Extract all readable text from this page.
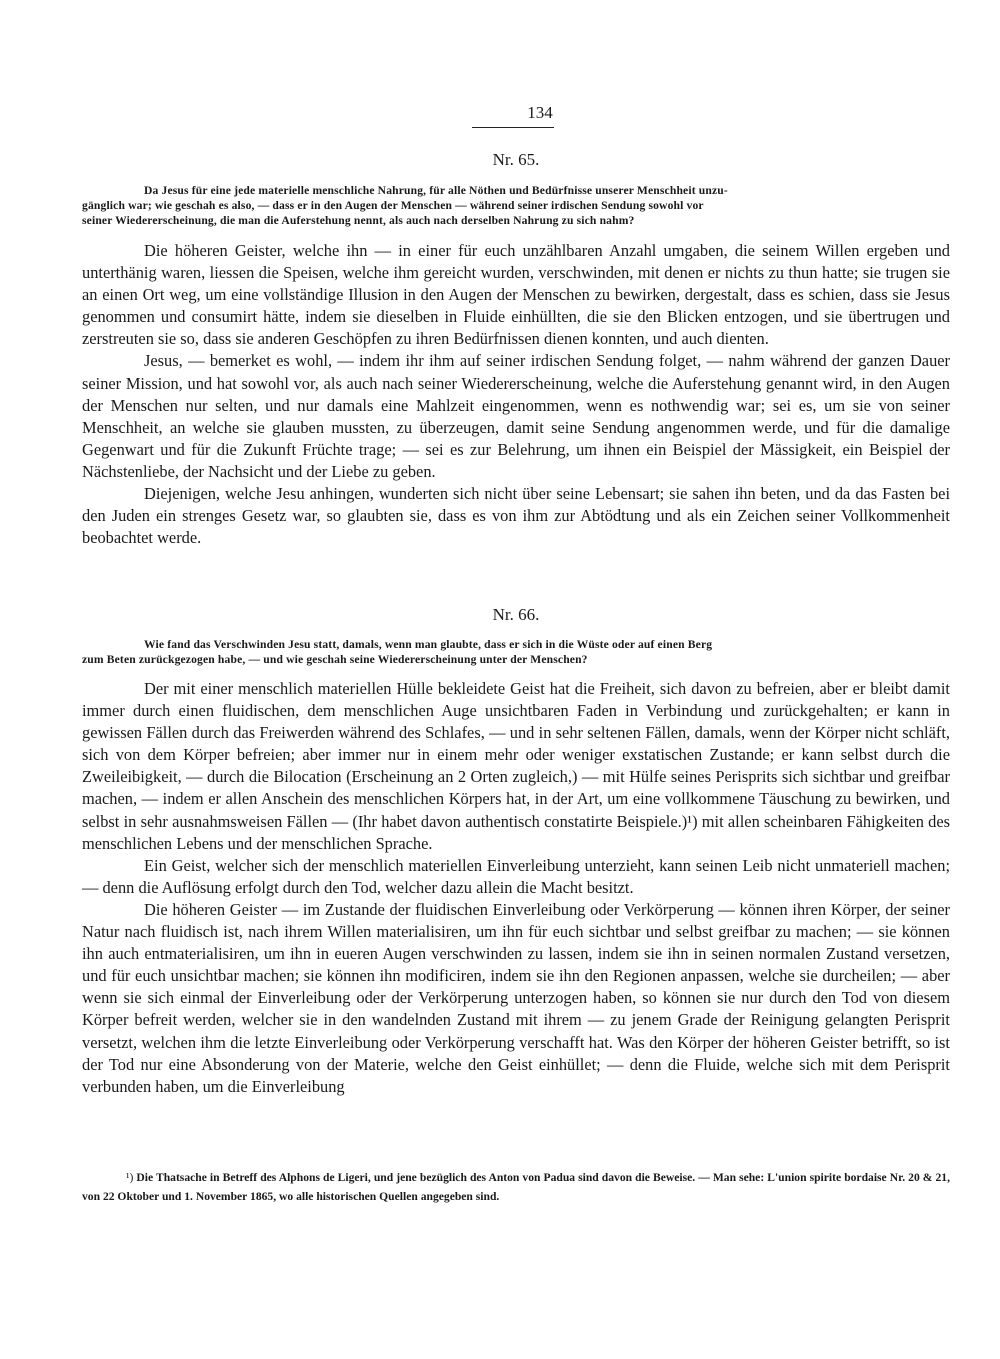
134
Nr. 65.
Da Jesus für eine jede materielle menschliche Nahrung, für alle Nöthen und Bedürfnisse unserer Menschheit unzu-
gänglich war; wie geschah es also, — dass er in den Augen der Menschen — während seiner irdischen Sendung sowohl vor
seiner Wiedererscheinung, die man die Auferstehung nennt, als auch nach derselben Nahrung zu sich nahm?

Die höheren Geister, welche ihn — in einer für euch unzählbaren Anzahl umgaben, die seinem Willen ergeben und unterthänig waren, liessen die Speisen, welche ihm gereicht wurden, verschwinden, mit denen er nichts zu thun hatte; sie trugen sie an einen Ort weg, um eine vollständige Illusion in den Augen der Menschen zu bewirken, dergestalt, dass es schien, dass sie Jesus genommen und consumirt hätte, indem sie dieselben in Fluide einhüllten, die sie den Blicken entzogen, und sie übertrugen und zerstreuten sie so, dass sie anderen Geschöpfen zu ihren Bedürfnissen dienen konnten, und auch dienten.

Jesus, — bemerket es wohl, — indem ihr ihm auf seiner irdischen Sendung folget, — nahm während der ganzen Dauer seiner Mission, und hat sowohl vor, als auch nach seiner Wiedererscheinung, welche die Auferstehung genannt wird, in den Augen der Menschen nur selten, und nur damals eine Mahlzeit eingenommen, wenn es nothwendig war; sei es, um sie von seiner Menschheit, an welche sie glauben mussten, zu überzeugen, damit seine Sendung angenommen werde, und für die damalige Gegenwart und für die Zukunft Früchte trage; — sei es zur Belehrung, um ihnen ein Beispiel der Mässigkeit, ein Beispiel der Nächstenliebe, der Nachsicht und der Liebe zu geben.

Diejenigen, welche Jesu anhingen, wunderten sich nicht über seine Lebensart; sie sahen ihn beten, und da das Fasten bei den Juden ein strenges Gesetz war, so glaubten sie, dass es von ihm zur Abtödtung und als ein Zeichen seiner Vollkommenheit beobachtet werde.

Nr. 66.
Wie fand das Verschwinden Jesu statt, damals, wenn man glaubte, dass er sich in die Wüste oder auf einen Berg
zum Beten zurückgezogen habe, — und wie geschah seine Wiedererscheinung unter der Menschen?

Der mit einer menschlich materiellen Hülle bekleidete Geist hat die Freiheit, sich davon zu befreien, aber er bleibt damit immer durch einen fluidischen, dem menschlichen Auge unsichtbaren Faden in Verbindung und zurückgehalten; er kann in gewissen Fällen durch das Freiwerden während des Schlafes, — und in sehr seltenen Fällen, damals, wenn der Körper nicht schläft, sich von dem Körper befreien; aber immer nur in einem mehr oder weniger exstatischen Zustande; er kann selbst durch die Zweileibigkeit, — durch die Bilocation (Erscheinung an 2 Orten zugleich,) — mit Hülfe seines Perisprits sich sichtbar und greifbar machen, — indem er allen Anschein des menschlichen Körpers hat, in der Art, um eine vollkommene Täuschung zu bewirken, und selbst in sehr ausnahmsweisen Fällen — (Ihr habet davon authentisch constatirte Beispiele.)¹) mit allen scheinbaren Fähigkeiten des menschlichen Lebens und der menschlichen Sprache.

Ein Geist, welcher sich der menschlich materiellen Einverleibung unterzieht, kann seinen Leib nicht unmateriell machen; — denn die Auflösung erfolgt durch den Tod, welcher dazu allein die Macht besitzt.

Die höheren Geister — im Zustande der fluidischen Einverleibung oder Verkörperung — können ihren Körper, der seiner Natur nach fluidisch ist, nach ihrem Willen materialisiren, um ihn für euch sichtbar und selbst greifbar zu machen; — sie können ihn auch entmaterialisiren, um ihn in eueren Augen verschwinden zu lassen, indem sie ihn in seinen normalen Zustand versetzen, und für euch unsichtbar machen; sie können ihn modificiren, indem sie ihn den Regionen anpassen, welche sie durcheilen; — aber wenn sie sich einmal der Einverleibung oder der Verkörperung unterzogen haben, so können sie nur durch den Tod von diesem Körper befreit werden, welcher sie in den wandelnden Zustand mit ihrem — zu jenem Grade der Reinigung gelangten Perisprit versetzt, welchen ihm die letzte Einverleibung oder Verkörperung verschafft hat. Was den Körper der höheren Geister betrifft, so ist der Tod nur eine Absonderung von der Materie, welche den Geist einhüllet; — denn die Fluide, welche sich mit dem Perisprit verbunden haben, um die Einverleibung

¹) Die Thatsache in Betreff des Alphons de Ligeri, und jene bezüglich des Anton von Padua sind davon die Beweise. — Man sehe: L'union spirite bordaise Nr. 20 & 21, von 22 Oktober und 1. November 1865, wo alle historischen Quellen angegeben sind.
